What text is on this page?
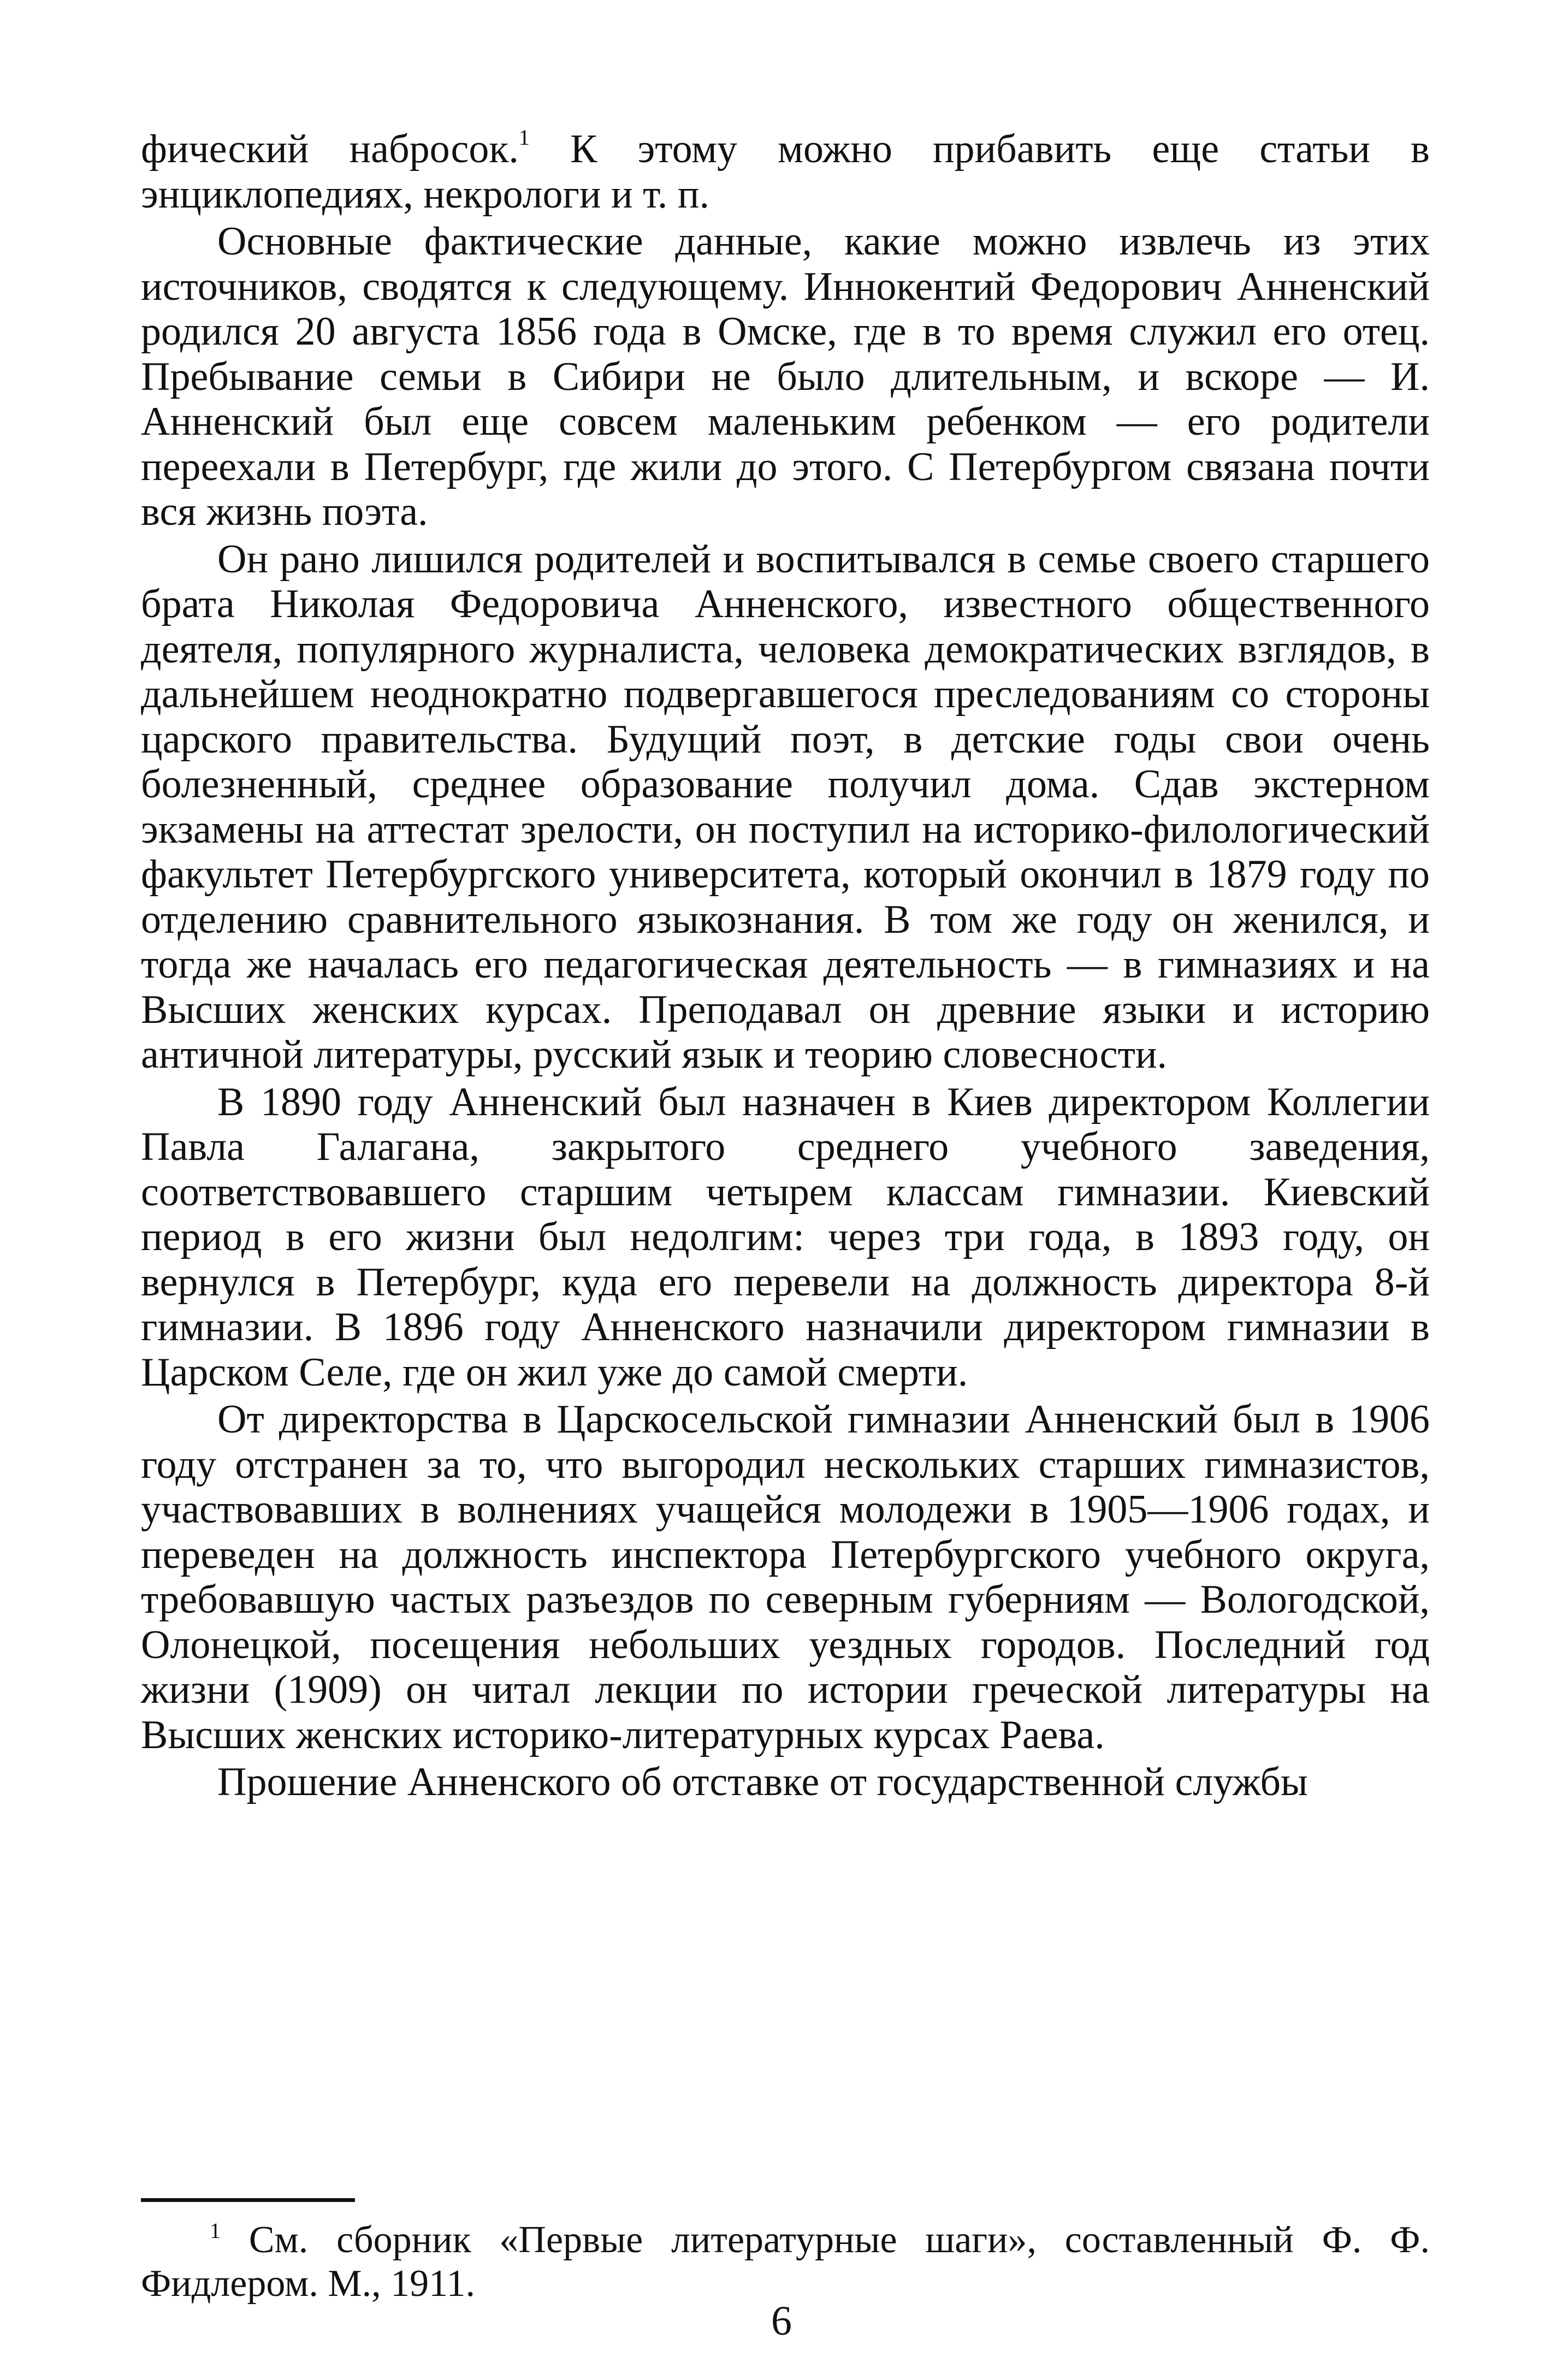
фический набросок.$^1$ К этому можно прибавить еще статьи в энциклопедиях, некрологи и т. п.

Основные фактические данные, какие можно извлечь из этих источников, сводятся к следующему. Иннокентий Федорович Анненский родился 20 августа 1856 года в Омске, где в то время служил его отец. Пребывание семьи в Сибири не было длительным, и вскоре — И. Анненский был еще совсем маленьким ребенком — его родители переехали в Петербург, где жили до этого. С Петербургом связана почти вся жизнь поэта.

Он рано лишился родителей и воспитывался в семье своего старшего брата Николая Федоровича Анненского, известного общественного деятеля, популярного журналиста, человека демократических взглядов, в дальнейшем неоднократно подвергавшегося преследованиям со стороны царского правительства. Будущий поэт, в детские годы свои очень болезненный, среднее образование получил дома. Сдав экстерном экзамены на аттестат зрелости, он поступил на историко-филологический факультет Петербургского университета, который окончил в 1879 году по отделению сравнительного языкознания. В том же году он женился, и тогда же началась его педагогическая деятельность — в гимназиях и на Высших женских курсах. Преподавал он древние языки и историю античной литературы, русский язык и теорию словесности.

В 1890 году Анненский был назначен в Киев директором Коллегии Павла Галагана, закрытого среднего учебного заведения, соответствовавшего старшим четырем классам гимназии. Киевский период в его жизни был недолгим: через три года, в 1893 году, он вернулся в Петербург, куда его перевели на должность директора 8-й гимназии. В 1896 году Анненского назначили директором гимназии в Царском Селе, где он жил уже до самой смерти.

От директорства в Царскосельской гимназии Анненский был в 1906 году отстранен за то, что выгородил нескольких старших гимназистов, участвовавших в волнениях учащейся молодежи в 1905—1906 годах, и переведен на должность инспектора Петербургского учебного округа, требовавшую частых разъездов по северным губерниям — Вологодской, Олонецкой, посещения небольших уездных городов. Последний год жизни (1909) он читал лекции по истории греческой литературы на Высших женских историко-литературных курсах Раева.

Прошение Анненского об отставке от государственной службы

$^1$ См. сборник «Первые литературные шаги», составленный Ф. Ф. Фидлером. М., 1911.

6
